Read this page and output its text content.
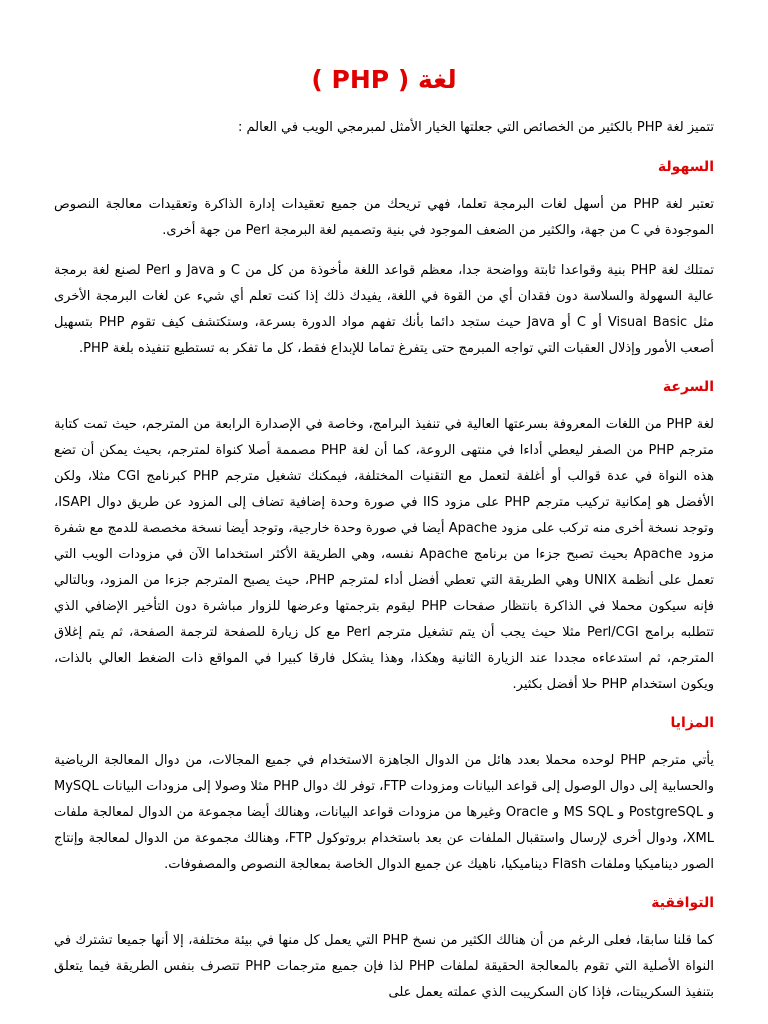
لغة ( PHP )

تتميز لغة PHP بالكثير من الخصائص التي جعلتها الخيار الأمثل لمبرمجي الويب في العالم :

السهولة

تعتبر لغة PHP من أسهل لغات البرمجة تعلما، فهي تريحك من جميع تعقيدات إدارة الذاكرة وتعقيدات معالجة النصوص الموجودة في C من جهة، والكثير من الضعف الموجود في بنية وتصميم لغة البرمجة Perl من جهة أخرى.

تمتلك لغة PHP بنية وقواعدا ثابتة وواضحة جدا، معظم قواعد اللغة مأخوذة من كل من C و Java و Perl لصنع لغة برمجة عالية السهولة والسلاسة دون فقدان أي من القوة في اللغة، يفيدك ذلك إذا كنت تعلم أي شيء عن لغات البرمجة الأخرى مثل Visual Basic أو C أو Java حيث ستجد دائما بأنك تفهم مواد الدورة بسرعة، وستكتشف كيف تقوم PHP بتسهيل أصعب الأمور وإذلال العقبات التي تواجه المبرمج حتى يتفرغ تماما للإبداع فقط، كل ما تفكر به تستطيع تنفيذه بلغة PHP.

السرعة

لغة PHP من اللغات المعروفة بسرعتها العالية في تنفيذ البرامج، وخاصة في الإصدارة الرابعة من المترجم، حيث تمت كتابة مترجم PHP من الصفر ليعطي أداءا في منتهى الروعة، كما أن لغة PHP مصممة أصلا كنواة لمترجم، بحيث يمكن أن تضع هذه النواة في عدة قوالب أو أغلفة لتعمل مع التقنيات المختلفة، فيمكنك تشغيل مترجم PHP كبرنامج CGI مثلا، ولكن الأفضل هو إمكانية تركيب مترجم PHP على مزود IIS في صورة وحدة إضافية تضاف إلى المزود عن طريق دوال ISAPI، وتوجد نسخة أخرى منه تركب على مزود Apache أيضا في صورة وحدة خارجية، وتوجد أيضا نسخة مخصصة للدمج مع شفرة مزود Apache بحيث تصبح جزءا من برنامج Apache نفسه، وهي الطريقة الأكثر استخداما الآن في مزودات الويب التي تعمل على أنظمة UNIX وهي الطريقة التي تعطي أفضل أداء لمترجم PHP، حيث يصبح المترجم جزءا من المزود، وبالتالي فإنه سيكون محملا في الذاكرة بانتظار صفحات PHP ليقوم بترجمتها وعرضها للزوار مباشرة دون التأخير الإضافي الذي تتطلبه برامج Perl/CGI مثلا حيث يجب أن يتم تشغيل مترجم Perl مع كل زيارة للصفحة لترجمة الصفحة، ثم يتم إغلاق المترجم، ثم استدعاءه مجددا عند الزيارة الثانية وهكذا، وهذا يشكل فارقا كبيرا في المواقع ذات الضغط العالي بالذات، ويكون استخدام PHP حلا أفضل بكثير.

المزايا

يأتي مترجم PHP لوحده محملا بعدد هائل من الدوال الجاهزة الاستخدام في جميع المجالات، من دوال المعالجة الرياضية والحسابية إلى دوال الوصول إلى قواعد البيانات ومزودات FTP، توفر لك دوال PHP مثلا وصولا إلى مزودات البيانات MySQL و PostgreSQL و MS SQL و Oracle وغيرها من مزودات قواعد البيانات، وهنالك أيضا مجموعة من الدوال لمعالجة ملفات XML، ودوال أخرى لإرسال واستقبال الملفات عن بعد باستخدام بروتوكول FTP، وهنالك مجموعة من الدوال لمعالجة وإنتاج الصور ديناميكيا وملفات Flash ديناميكيا، ناهيك عن جميع الدوال الخاصة بمعالجة النصوص والمصفوفات.

التوافقية

كما قلنا سابقا، فعلى الرغم من أن هنالك الكثير من نسخ PHP التي يعمل كل منها في بيئة مختلفة، إلا أنها جميعا تشترك في النواة الأصلية التي تقوم بالمعالجة الحقيقة لملفات PHP لذا فإن جميع مترجمات PHP تتصرف بنفس الطريقة فيما يتعلق بتنفيذ السكريبتات، فإذا كان السكريبت الذي عملته يعمل على
